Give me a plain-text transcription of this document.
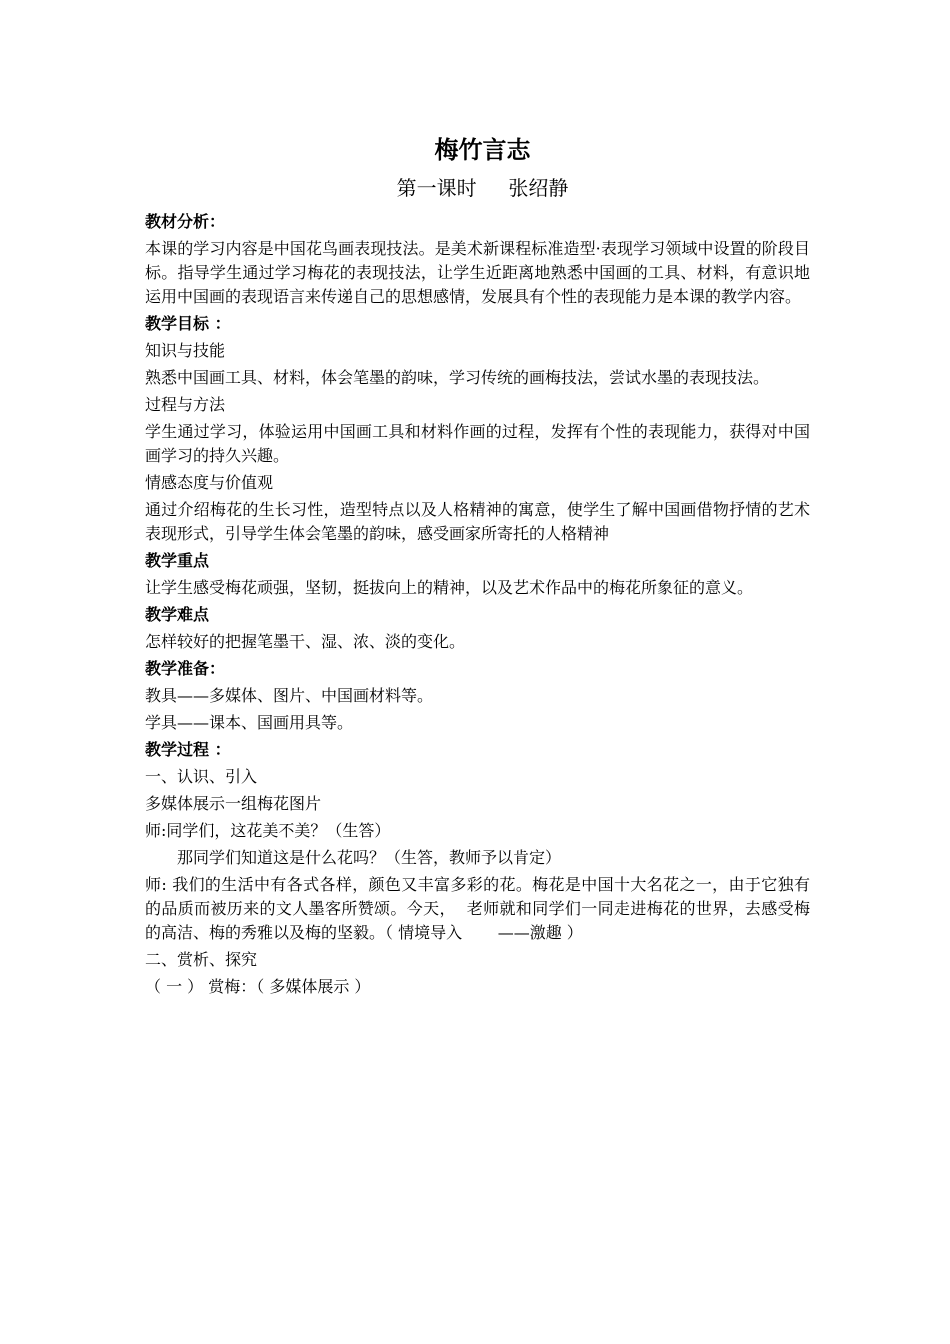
梅竹言志
第一课时     张绍静
教材分析：
本课的学习内容是中国花鸟画表现技法。是美术新课程标准造型·表现学习领域中设置的阶段目标。指导学生通过学习梅花的表现技法，让学生近距离地熟悉中国画的工具、材料，有意识地运用中国画的表现语言来传递自己的思想感情，发展具有个性的表现能力是本课的教学内容。
教学目标 ：
知识与技能
熟悉中国画工具、材料，体会笔墨的韵味，学习传统的画梅技法，尝试水墨的表现技法。
过程与方法
学生通过学习，体验运用中国画工具和材料作画的过程，发挥有个性的表现能力，获得对中国画学习的持久兴趣。
情感态度与价值观
通过介绍梅花的生长习性，造型特点以及人格精神的寓意，使学生了解中国画借物抒情的艺术表现形式，引导学生体会笔墨的韵味，感受画家所寄托的人格精神
教学重点
让学生感受梅花顽强，坚韧，挺拔向上的精神，以及艺术作品中的梅花所象征的意义。
教学难点
怎样较好的把握笔墨干、湿、浓、淡的变化。
教学准备：
教具——多媒体、图片、中国画材料等。
学具——课本、国画用具等。
教学过程 ：
一、认识、引入
多媒体展示一组梅花图片
师:同学们，这花美不美？（生答）
那同学们知道这是什么花吗？（生答，教师予以肯定）
师: 我们的生活中有各式各样，颜色又丰富多彩的花。梅花是中国十大名花之一，由于它独有的品质而被历来的文人墨客所赞颂。今天，  老师就和同学们一同走进梅花的世界，去感受梅的高洁、梅的秀雅以及梅的坚毅。（ 情境导入       ——激趣 ）
二、赏析、探究
（ 一 ） 赏梅：（ 多媒体展示 ）
